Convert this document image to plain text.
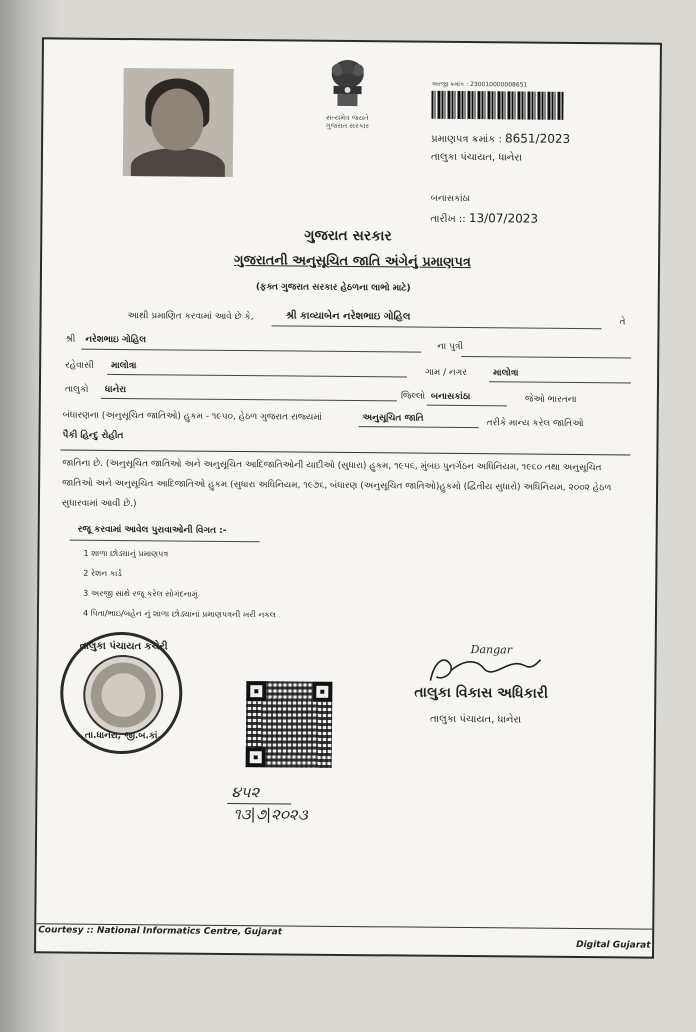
સત્યમેવ જયતે
ગુજરાત સરકાર
અરજી ક્રમાંક : 230010000008651
પ્રમાણપત્ર ક્રમાંક : 8651/2023
તાલુકા પંચાયત, ધાનેરા
બનાસકાંઠા
તારીખ :: 13/07/2023
ગુજરાત સરકાર
ગુજરાતની અનુસૂચિત જાતિ અંગેનું પ્રમાણપત્ર
(ફક્ત ગુજરાત સરકાર હેઠળના લાભો માટે)
આથી પ્રમાણિત કરવામાં આવે છે કે,	શ્રી કાવ્યાબેન નરેશભાઇ ગોહિલ	તે
શ્રી નરેશભાઇ ગોહિલ
ના પુત્રી
રહેવાસી માલોત્રા
ગામ / નગર	માલોત્રા
તાલુકો ધાનેરા
જિલ્લો બનાસકાંઠા	જેઓ ભારતના
બંધારણના (અનુસૂચિત જાતિઓ) હુકમ - ૧૯૫૦, હેઠળ ગુજરાત રાજ્યમાં	અનુસૂચિત જાતિ	તરીકે માન્ય કરેલ જાતિઓ
પૈકી હિન્દુ રોહીત
જાતિના છે. (અનુસૂચિત જાતિઓ અને અનુસૂચિત આદિજાતિઓની યાદીઓ (સુધારા) હુકમ, ૧૯૫૬, મુંબઇ પુનર્ગઠન અધિનિયમ, ૧૯૬૦ તથા અનુસૂચિત જાતિઓ અને અનુસૂચિત આદિજાતિઓ હુકમ (સુધારા અધિનિયમ, ૧૯૭૬, બંધારણ (અનુસૂચિત જાતિઓ)હુકમો (દ્વિતીય સુધારો) અધિનિયમ, ૨૦૦૨ હેઠળ સુધારવામાં આવી છે.)
રજૂ કરવામાં આવેલ પુરાવાઓની વિગત :-
1 શાળા છોડ્યાનું પ્રમાણપત્ર
2 રેશન કાર્ડ
3 અરજી સાથે રજૂ કરેલ સોગંદનામું
4 પિતા/ભાઇ/બહેન નું શાળા છોડ્યાનાં પ્રમાણપત્રની ખરી નકલ
તાલુકા પંચાયત કચેરી
તા.ધાનેરા, જી.બ.કાં.
૪૫૨
૧૩|૭|૨૦૨૩
Dangar
તાલુકા વિકાસ અધિકારી
તાલુકા પંચાયત, ધાનેરા
Courtesy :: National Informatics Centre, Gujarat
Digital Gujarat
